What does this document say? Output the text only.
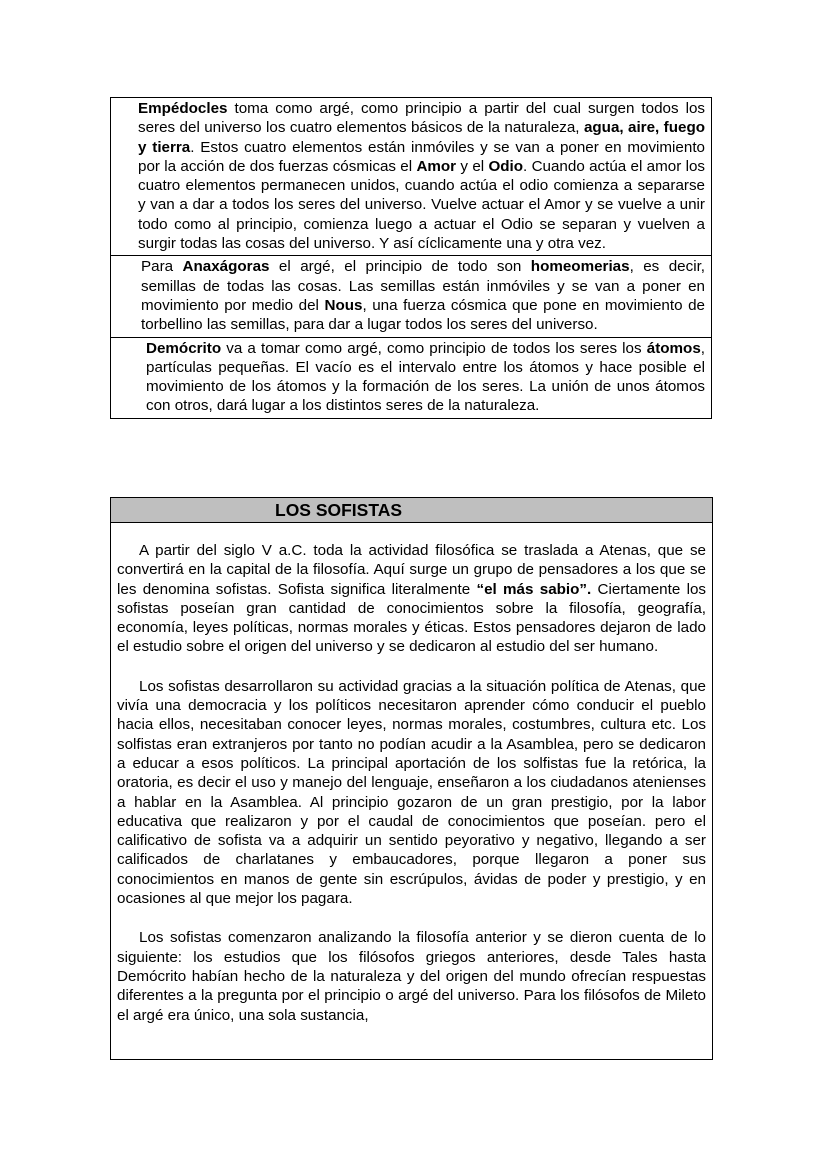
Empédocles toma como argé, como principio a partir del cual surgen todos los seres del universo los cuatro elementos básicos de la naturaleza, agua, aire, fuego y tierra. Estos cuatro elementos están inmóviles y se van a poner en movimiento por la acción de dos fuerzas cósmicas el Amor y el Odio. Cuando actúa el amor los cuatro elementos permanecen unidos, cuando actúa el odio comienza a separarse y van a dar a todos los seres del universo. Vuelve actuar el Amor y se vuelve a unir todo como al principio, comienza luego a actuar el Odio se separan y vuelven a surgir todas las cosas del universo. Y así cíclicamente una y otra vez.
Para Anaxágoras el argé, el principio de todo son homeomerias, es decir, semillas de todas las cosas. Las semillas están inmóviles y se van a poner en movimiento por medio del Nous, una fuerza cósmica que pone en movimiento de torbellino las semillas, para dar a lugar todos los seres del universo.
Demócrito va a tomar como argé, como principio de todos los seres los átomos, partículas pequeñas. El vacío es el intervalo entre los átomos y hace posible el movimiento de los átomos y la formación de los seres. La unión de unos átomos con otros, dará lugar a los distintos seres de la naturaleza.
LOS SOFISTAS

A partir del siglo V a.C. toda la actividad filosófica se traslada a Atenas, que se convertirá en la capital de la filosofía. Aquí surge un grupo de pensadores a los que se les denomina sofistas. Sofista significa literalmente “el más sabio”. Ciertamente los sofistas poseían gran cantidad de conocimientos sobre la filosofía, geografía, economía, leyes políticas, normas morales y éticas. Estos pensadores dejaron de lado el estudio sobre el origen del universo y se dedicaron al estudio del ser humano.

Los sofistas desarrollaron su actividad gracias a la situación política de Atenas, que vivía una democracia y los políticos necesitaron aprender cómo conducir el pueblo hacia ellos, necesitaban conocer leyes, normas morales, costumbres, cultura etc. Los solfistas eran extranjeros por tanto no podían acudir a la Asamblea, pero se dedicaron a educar a esos políticos. La principal aportación de los solfistas fue la retórica, la oratoria, es decir el uso y manejo del lenguaje, enseñaron a los ciudadanos atenienses a hablar en la Asamblea. Al principio gozaron de un gran prestigio, por la labor educativa que realizaron y por el caudal de conocimientos que poseían. pero el calificativo de sofista va a adquirir un sentido peyorativo y negativo, llegando a ser calificados de charlatanes y embaucadores, porque llegaron a poner sus conocimientos en manos de gente sin escrúpulos, ávidas de poder y prestigio, y en ocasiones al que mejor los pagara.

Los sofistas comenzaron analizando la filosofía anterior y se dieron cuenta de lo siguiente: los estudios que los filósofos griegos anteriores, desde Tales hasta Demócrito habían hecho de la naturaleza y del origen del mundo ofrecían respuestas diferentes a la pregunta por el principio o argé del universo. Para los filósofos de Mileto el argé era único, una sola sustancia,
